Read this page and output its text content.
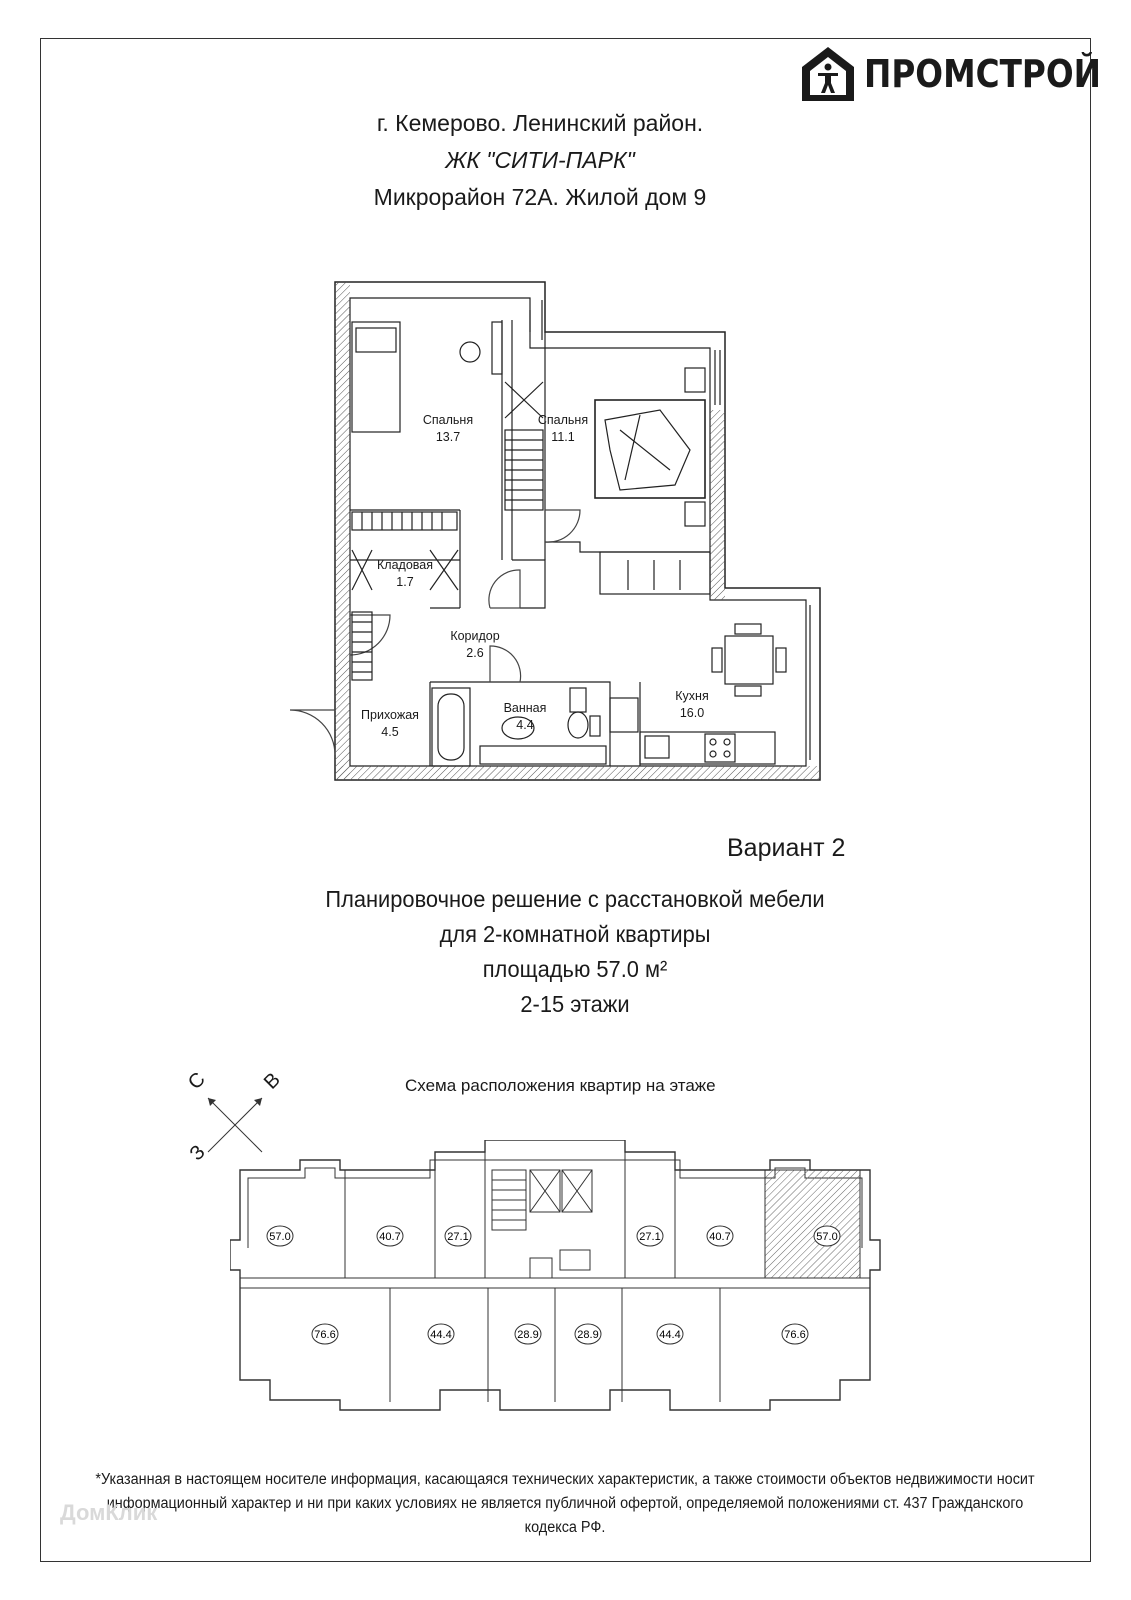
ПРОМСТРОЙ
г. Кемерово. Ленинский район.
ЖК "СИТИ-ПАРК"
Микрорайон 72А. Жилой дом 9
Спальня
13.7
Спальня
11.1
Кладовая
1.7
Коридор
2.6
Прихожая
4.5
Ванная
4.4
Кухня
16.0
Вариант 2
Планировочное решение с расстановкой мебели
для 2-комнатной квартиры
площадью 57.0 м²
2-15 этажи
С	В
З
Схема расположения квартир на этаже
57.0	40.7	27.1	27.1	40.7	57.0
76.6	44.4	28.9	28.9	44.4	76.6
*Указанная в настоящем носителе информация, касающаяся технических характеристик, а также стоимости объектов недвижимости носит
информационный характер и ни при каких условиях не является публичной офертой, определяемой положениями ст. 437 Гражданского кодекса РФ.
ДомКлик
